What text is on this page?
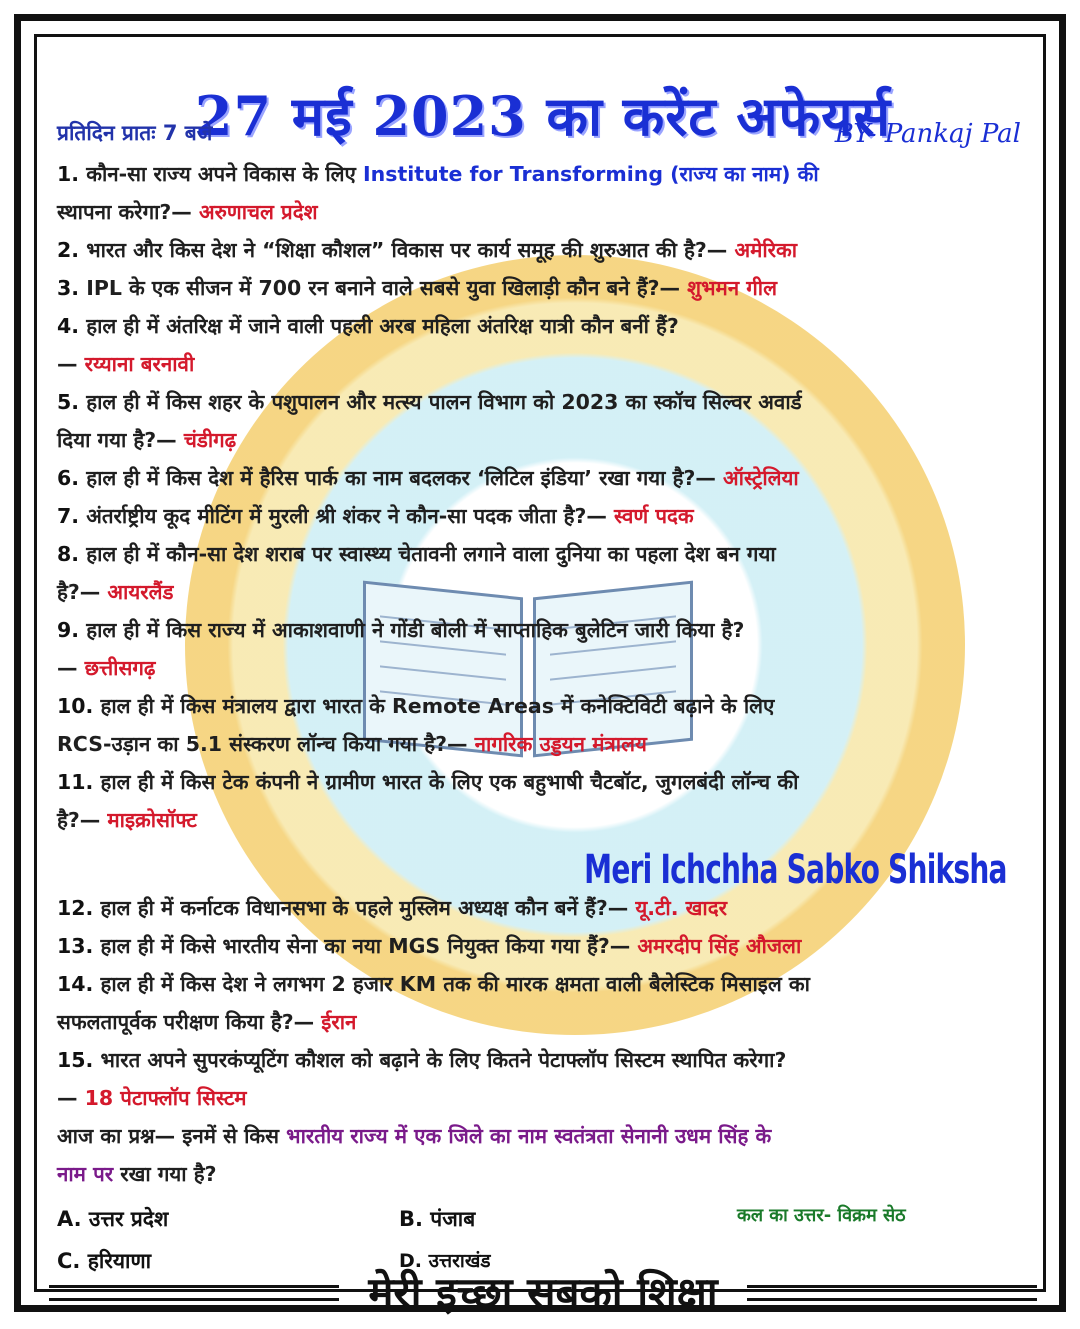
27 मई 2023 का करेंट अफेयर्स
प्रतिदिन प्रातः 7 बजे	BY- Pankaj Pal
1. कौन-सा राज्य अपने विकास के लिए Institute for Transforming (राज्य का नाम) की
स्थापना करेगा?— अरुणाचल प्रदेश
2. भारत और किस देश ने “शिक्षा कौशल” विकास पर कार्य समूह की शुरुआत की है?— अमेरिका
3. IPL के एक सीजन में 700 रन बनाने वाले सबसे युवा खिलाड़ी कौन बने हैं?— शुभमन गील
4. हाल ही में अंतरिक्ष में जाने वाली पहली अरब महिला अंतरिक्ष यात्री कौन बनीं हैं?
— रय्याना बरनावी
5. हाल ही में किस शहर के पशुपालन और मत्स्य पालन विभाग को 2023 का स्कॉच सिल्वर अवार्ड
दिया गया है?— चंडीगढ़
6. हाल ही में किस देश में हैरिस पार्क का नाम बदलकर ‘लिटिल इंडिया’ रखा गया है?— ऑस्ट्रेलिया
7. अंतर्राष्ट्रीय कूद मीटिंग में मुरली श्री शंकर ने कौन-सा पदक जीता है?— स्वर्ण पदक
8. हाल ही में कौन-सा देश शराब पर स्वास्थ्य चेतावनी लगाने वाला दुनिया का पहला देश बन गया
है?— आयरलैंड
9. हाल ही में किस राज्य में आकाशवाणी ने गोंडी बोली में साप्ताहिक बुलेटिन जारी किया है?
— छत्तीसगढ़
10. हाल ही में किस मंत्रालय द्वारा भारत के Remote Areas में कनेक्टिविटी बढ़ाने के लिए
RCS-उड़ान का 5.1 संस्करण लॉन्च किया गया है?— नागरिक उड्डयन मंत्रालय
11. हाल ही में किस टेक कंपनी ने ग्रामीण भारत के लिए एक बहुभाषी चैटबॉट, जुगलबंदी लॉन्च की
है?— माइक्रोसॉफ्ट
Meri Ichchha Sabko Shiksha
12. हाल ही में कर्नाटक विधानसभा के पहले मुस्लिम अध्यक्ष कौन बनें हैं?— यू.टी. खादर
13. हाल ही में किसे भारतीय सेना का नया MGS नियुक्त किया गया हैं?— अमरदीप सिंह औजला
14. हाल ही में किस देश ने लगभग 2 हजार KM तक की मारक क्षमता वाली बैलेस्टिक मिसाइल का
सफलतापूर्वक परीक्षण किया है?— ईरान
15. भारत अपने सुपरकंप्यूटिंग कौशल को बढ़ाने के लिए कितने पेटाफ्लॉप सिस्टम स्थापित करेगा?
— 18 पेटाफ्लॉप सिस्टम
आज का प्रश्न— इनमें से किस भारतीय राज्य में एक जिले का नाम स्वतंत्रता सेनानी उधम सिंह के
नाम पर रखा गया है?
A. उत्तर प्रदेश	B. पंजाब
C. हरियाणा	D. उत्तराखंड
कल का उत्तर- विक्रम सेठ
मेरी इच्छा सबको शिक्षा
